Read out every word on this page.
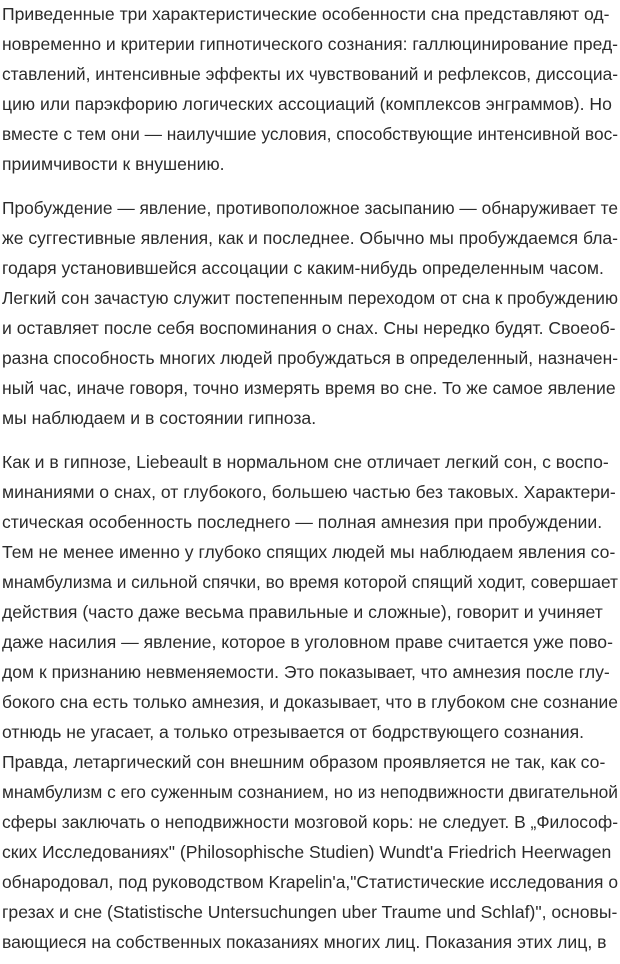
Приведенные три характеристические особенности сна представляют од-
новременно и критерии гипнотического сознания: галлюцинирование пред-
ставлений, интенсивные эффекты их чувствований и рефлексов, диссоциа-
цию или парэкфорию логических ассоциаций (комплексов энграммов). Но
вместе с тем они — наилучшие условия, способствующие интенсивной вос-
приимчивости к внушению.
Пробуждение — явление, противоположное засыпанию — обнаруживает те
же суггестивные явления, как и последнее. Обычно мы пробуждаемся бла-
годаря установившейся ассоцации с каким-нибудь определенным часом.
Легкий сон зачастую служит постепенным переходом от сна к пробуждению
и оставляет после себя воспоминания о снах. Сны нередко будят. Своеоб-
разна способность многих людей пробуждаться в определенный, назначен-
ный час, иначе говоря, точно измерять время во сне. То же самое явление
мы наблюдаем и в состоянии гипноза.
Как и в гипнозе, Liebeault в нормальном сне отличает легкий сон, с воспо-
минаниями о снах, от глубокого, большею частью без таковых. Характери-
стическая особенность последнего — полная амнезия при пробуждении.
Тем не менее именно у глубоко спящих людей мы наблюдаем явления со-
мнамбулизма и сильной спячки, во время которой спящий ходит, совершает
действия (часто даже весьма правильные и сложные), говорит и учиняет
даже насилия — явление, которое в уголовном праве считается уже пово-
дом к признанию невменяемости. Это показывает, что амнезия после глу-
бокого сна есть только амнезия, и доказывает, что в глубоком сне сознание
отнюдь не угасает, а только отрезывается от бодрствующего сознания.
Правда, летаргический сон внешним образом проявляется не так, как со-
мнамбулизм с его суженным сознанием, но из неподвижности двигательной
сферы заключать о неподвижности мозговой корь: не следует. В „Философ-
ских Исследованиях" (Philosophische Studien) Wundt'a Friedrich Heerwagen
обнародовал, под руководством Krapelin'a,"Статистические исследования о
грезах и сне (Statistische Untersuchungen uber Traume und Schlaf)", основы-
вающиеся на собственных показаниях многих лиц. Показания этих лиц, в
